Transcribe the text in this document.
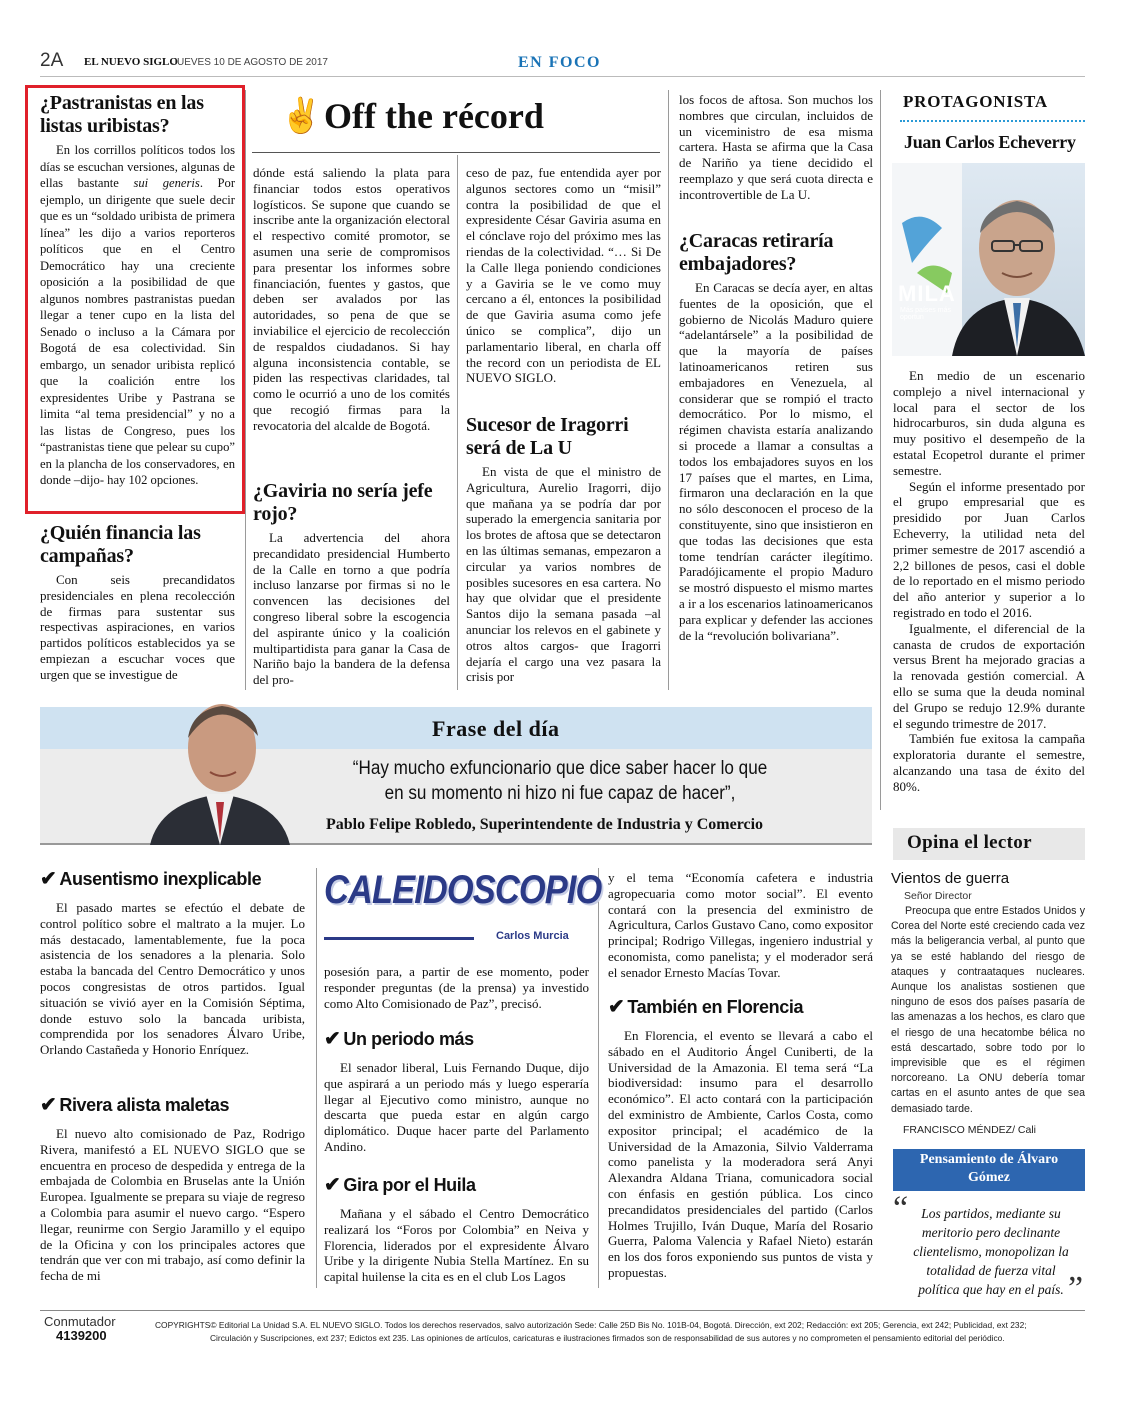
2A EL NUEVO SIGLO
JUEVES 10 DE AGOSTO DE 2017	EN FOCO
¿Pastranistas en las listas uribistas?

En los corrillos políticos todos los días se escuchan versiones, algunas de ellas bastante sui generis. Por ejemplo, un dirigente que suele decir que es un “soldado uribista de primera línea” les dijo a varios reporteros políticos que en el Centro Democrático hay una creciente oposición a la posibilidad de que algunos nombres pastranistas puedan llegar a tener cupo en la lista del Senado o incluso a la Cámara por Bogotá de esa colectividad. Sin embargo, un senador uribista replicó que la coalición entre los expresidentes Uribe y Pastrana se limita “al tema presidencial” y no a las listas de Congreso, pues los “pastranistas tiene que pelear su cupo” en la plancha de los conservadores, en donde –dijo- hay 102 opciones.

✌ Off the récord
¿Quién financia las campañas?

Con seis precandidatos presidenciales en plena recolección de firmas para sustentar sus respectivas aspiraciones, en varios partidos políticos establecidos ya se empiezan a escuchar voces que urgen que se investigue de

dónde está saliendo la plata para financiar todos estos operativos logísticos. Se supone que cuando se inscribe ante la organización electoral el respectivo comité promotor, se asumen una serie de compromisos para presentar los informes sobre financiación, fuentes y gastos, que deben ser avalados por las autoridades, so pena de que se inviabilice el ejercicio de recolección de respaldos ciudadanos. Si hay alguna inconsistencia contable, se piden las respectivas claridades, tal como le ocurrió a uno de los comités que recogió firmas para la revocatoria del alcalde de Bogotá.

¿Gaviria no sería jefe rojo?

La advertencia del ahora precandidato presidencial Humberto de la Calle en torno a que podría incluso lanzarse por firmas si no le convencen las decisiones del congreso liberal sobre la escogencia del aspirante único y la coalición multipartidista para ganar la Casa de Nariño bajo la bandera de la defensa del pro-

ceso de paz, fue entendida ayer por algunos sectores como un “misil” contra la posibilidad de que el expresidente César Gaviria asuma en el cónclave rojo del próximo mes las riendas de la colectividad. “… Si De la Calle llega poniendo condiciones y a Gaviria se le ve como muy cercano a él, entonces la posibilidad de que Gaviria asuma como jefe único se complica”, dijo un parlamentario liberal, en charla off the record con un periodista de EL NUEVO SIGLO.

Sucesor de Iragorri será de La U

En vista de que el ministro de Agricultura, Aurelio Iragorri, dijo que mañana ya se podría dar por superado la emergencia sanitaria por los brotes de aftosa que se detectaron en las últimas semanas, empezaron a circular ya varios nombres de posibles sucesores en esa cartera. No hay que olvidar que el presidente Santos dijo la semana pasada –al anunciar los relevos en el gabinete y otros altos cargos- que Iragorri dejaría el cargo una vez pasara la crisis por

los focos de aftosa. Son muchos los nombres que circulan, incluidos de un viceministro de esa misma cartera. Hasta se afirma que la Casa de Nariño ya tiene decidido el reemplazo y que será cuota directa e incontrovertible de La U.

¿Caracas retiraría embajadores?

En Caracas se decía ayer, en altas fuentes de la oposición, que el gobierno de Nicolás Maduro quiere “adelantársele” a la posibilidad de que la mayoría de países latinoamericanos retiren sus embajadores en Venezuela, al considerar que se rompió el tracto democrático. Por lo mismo, el régimen chavista estaría analizando si procede a llamar a consultas a todos los embajadores suyos en los 17 países que el martes, en Lima, firmaron una declaración en la que no sólo desconocen el proceso de la constituyente, sino que insistieron en que todas las decisiones que esta tome tendrían carácter ilegítimo. Paradójicamente el propio Maduro se mostró dispuesto el mismo martes a ir a los escenarios latinoamericanos para explicar y defender las acciones de la “revolución bolivariana”.

PROTAGONISTA
Juan Carlos Echeverry
MILA
Más países más oportun

En medio de un escenario complejo a nivel internacional y local para el sector de los hidrocarburos, sin duda alguna es muy positivo el desempeño de la estatal Ecopetrol durante el primer semestre.

Según el informe presentado por el grupo empresarial que es presidido por Juan Carlos Echeverry, la utilidad neta del primer semestre de 2017 ascendió a 2,2 billones de pesos, casi el doble de lo reportado en el mismo periodo del año anterior y superior a lo registrado en todo el 2016.

Igualmente, el diferencial de la canasta de crudos de exportación versus Brent ha mejorado gracias a la renovada gestión comercial. A ello se suma que la deuda nominal del Grupo se redujo 12.9% durante el segundo trimestre de 2017.

También fue exitosa la campaña exploratoria durante el semestre, alcanzando una tasa de éxito del 80%.

Frase del día
“Hay mucho exfuncionario que dice saber hacer lo que
en su momento ni hizo ni fue capaz de hacer”,
Pablo Felipe Robledo, Superintendente de Industria y Comercio
✔ Ausentismo inexplicable

El pasado martes se efectúo el debate de control político sobre el maltrato a la mujer. Lo más destacado, lamentablemente, fue la poca asistencia de los senadores a la plenaria. Solo estaba la bancada del Centro Democrático y unos pocos congresistas de otros partidos. Igual situación se vivió ayer en la Comisión Séptima, donde estuvo solo la bancada uribista, comprendida por los senadores Álvaro Uribe, Orlando Castañeda y Honorio Enríquez.

✔ Rivera alista maletas

El nuevo alto comisionado de Paz, Rodrigo Rivera, manifestó a EL NUEVO SIGLO que se encuentra en proceso de despedida y entrega de la embajada de Colombia en Bruselas ante la Unión Europea. Igualmente se prepara su viaje de regreso a Colombia para asumir el nuevo cargo. “Espero llegar, reunirme con Sergio Jaramillo y el equipo de la Oficina y con los principales actores que tendrán que ver con mi trabajo, así como definir la fecha de mi

CALEIDOSCOPIO
Carlos Murcia

posesión para, a partir de ese momento, poder responder preguntas (de la prensa) ya investido como Alto Comisionado de Paz”, precisó.

✔ Un periodo más

El senador liberal, Luis Fernando Duque, dijo que aspirará a un periodo más y luego esperaría llegar al Ejecutivo como ministro, aunque no descarta que pueda estar en algún cargo diplomático. Duque hacer parte del Parlamento Andino.

✔ Gira por el Huila

Mañana y el sábado el Centro Democrático realizará los “Foros por Colombia” en Neiva y Florencia, liderados por el expresidente Álvaro Uribe y la dirigente Nubia Stella Martínez. En su capital huilense la cita es en el club Los Lagos

y el tema “Economía cafetera e industria agropecuaria como motor social”. El evento contará con la presencia del exministro de Agricultura, Carlos Gustavo Cano, como expositor principal; Rodrigo Villegas, ingeniero industrial y economista, como panelista; y el moderador será el senador Ernesto Macías Tovar.

✔ También en Florencia

En Florencia, el evento se llevará a cabo el sábado en el Auditorio Ángel Cuniberti, de la Universidad de la Amazonia. El tema será “La biodiversidad: insumo para el desarrollo económico”. El acto contará con la participación del exministro de Ambiente, Carlos Costa, como expositor principal; el académico de la Universidad de la Amazonia, Silvio Valderrama como panelista y la moderadora será Anyi Alexandra Aldana Triana, comunicadora social con énfasis en gestión pública. Los cinco precandidatos presidenciales del partido (Carlos Holmes Trujillo, Iván Duque, María del Rosario Guerra, Paloma Valencia y Rafael Nieto) estarán en los dos foros exponiendo sus puntos de vista y propuestas.

Opina el lector
Vientos de guerra
Señor Director

Preocupa que entre Estados Unidos y Corea del Norte esté creciendo cada vez más la beligerancia verbal, al punto que ya se esté hablando del riesgo de ataques y contraataques nucleares. Aunque los analistas sostienen que ninguno de esos dos países pasaría de las amenazas a los hechos, es claro que el riesgo de una hecatombe bélica no está descartado, sobre todo por lo imprevisible que es el régimen norcoreano. La ONU debería tomar cartas en el asunto antes de que sea demasiado tarde.

FRANCISCO MÉNDEZ/ Cali
Pensamiento de Álvaro Gómez
“ Los partidos, mediante su meritorio pero declinante clientelismo, monopolizan la totalidad de fuerza vital política que hay en el país. ”
Conmutador
4139200
COPYRIGHTS© Editorial La Unidad S.A. EL NUEVO SIGLO. Todos los derechos reservados, salvo autorización Sede: Calle 25D Bis No. 101B-04, Bogotá. Dirección, ext 202; Redacción: ext 205; Gerencia, ext 242; Publicidad, ext 232;
Circulación y Suscripciones, ext 237; Edictos ext 235. Las opiniones de artículos, caricaturas e ilustraciones firmados son de responsabilidad de sus autores y no comprometen el pensamiento editorial del periódico.
